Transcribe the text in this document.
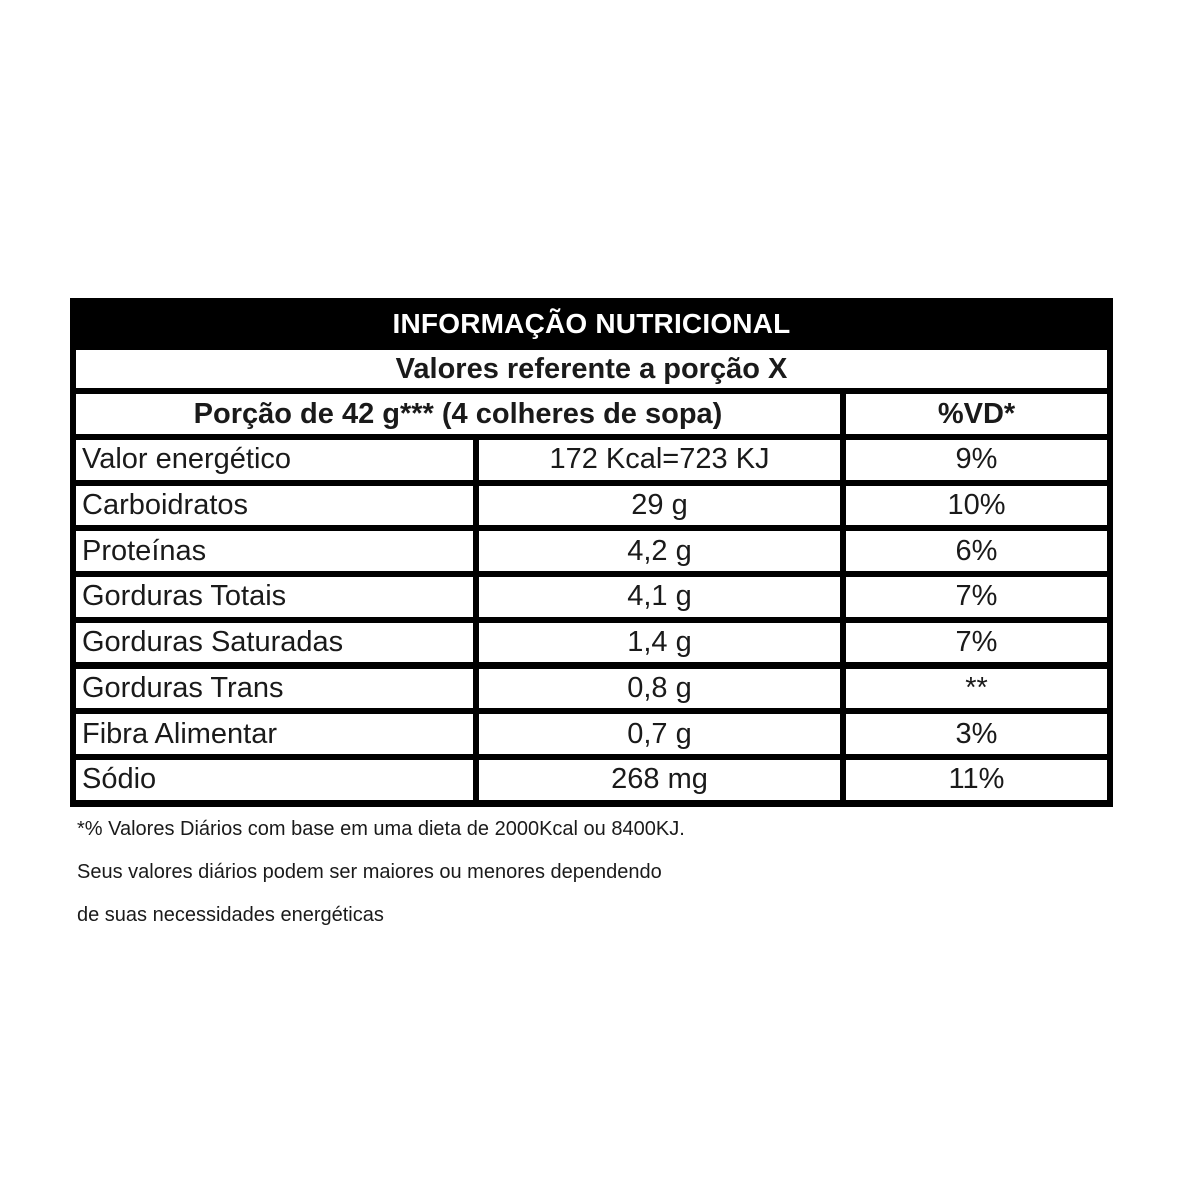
INFORMAÇÃO NUTRICIONAL
Valores referente a porção X
Porção de 42 g*** (4 colheres de sopa)	%VD*
Valor energético	172 Kcal=723 KJ	9%
Carboidratos	29 g	10%
Proteínas	4,2 g	6%
Gorduras Totais	4,1 g	7%
Gorduras Saturadas	1,4 g	7%
Gorduras Trans	0,8 g	**
Fibra Alimentar	0,7 g	3%
Sódio	268 mg	11%
*% Valores Diários com base em uma dieta de 2000Kcal ou 8400KJ.
Seus valores diários podem ser maiores ou menores dependendo
de suas necessidades energéticas
